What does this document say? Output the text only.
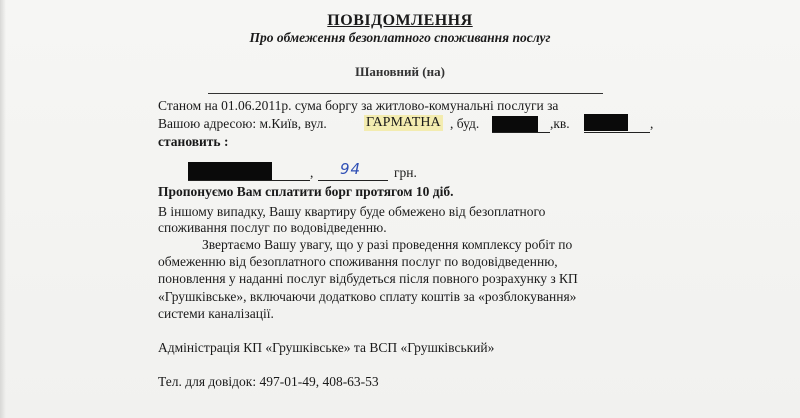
ПОВІДОМЛЕННЯ
Про обмеження безоплатного споживання послуг
Шановний (на)
Станом на 01.06.2011р. сума боргу за житлово-комунальні послуги за
Вашою адресою: м.Київ, вул.	ГАРМАТНА , буд.	,кв.	,
становить :
, 94 грн.
Пропонуємо Вам сплатити борг протягом 10 діб.
В іншому випадку, Вашу квартиру буде обмежено від безоплатного
споживання послуг по водовідведенню.
Звертаємо Вашу увагу, що у разі проведення комплексу робіт по
обмеженню від безоплатного споживання послуг по водовідведенню,
поновлення у наданні послуг відбудеться після повного розрахунку з КП
«Грушківське», включаючи додатково сплату коштів за «розблокування»
системи каналізації.
Адміністрація КП «Грушківське» та ВСП «Грушківський»
Тел. для довідок: 497-01-49, 408-63-53
